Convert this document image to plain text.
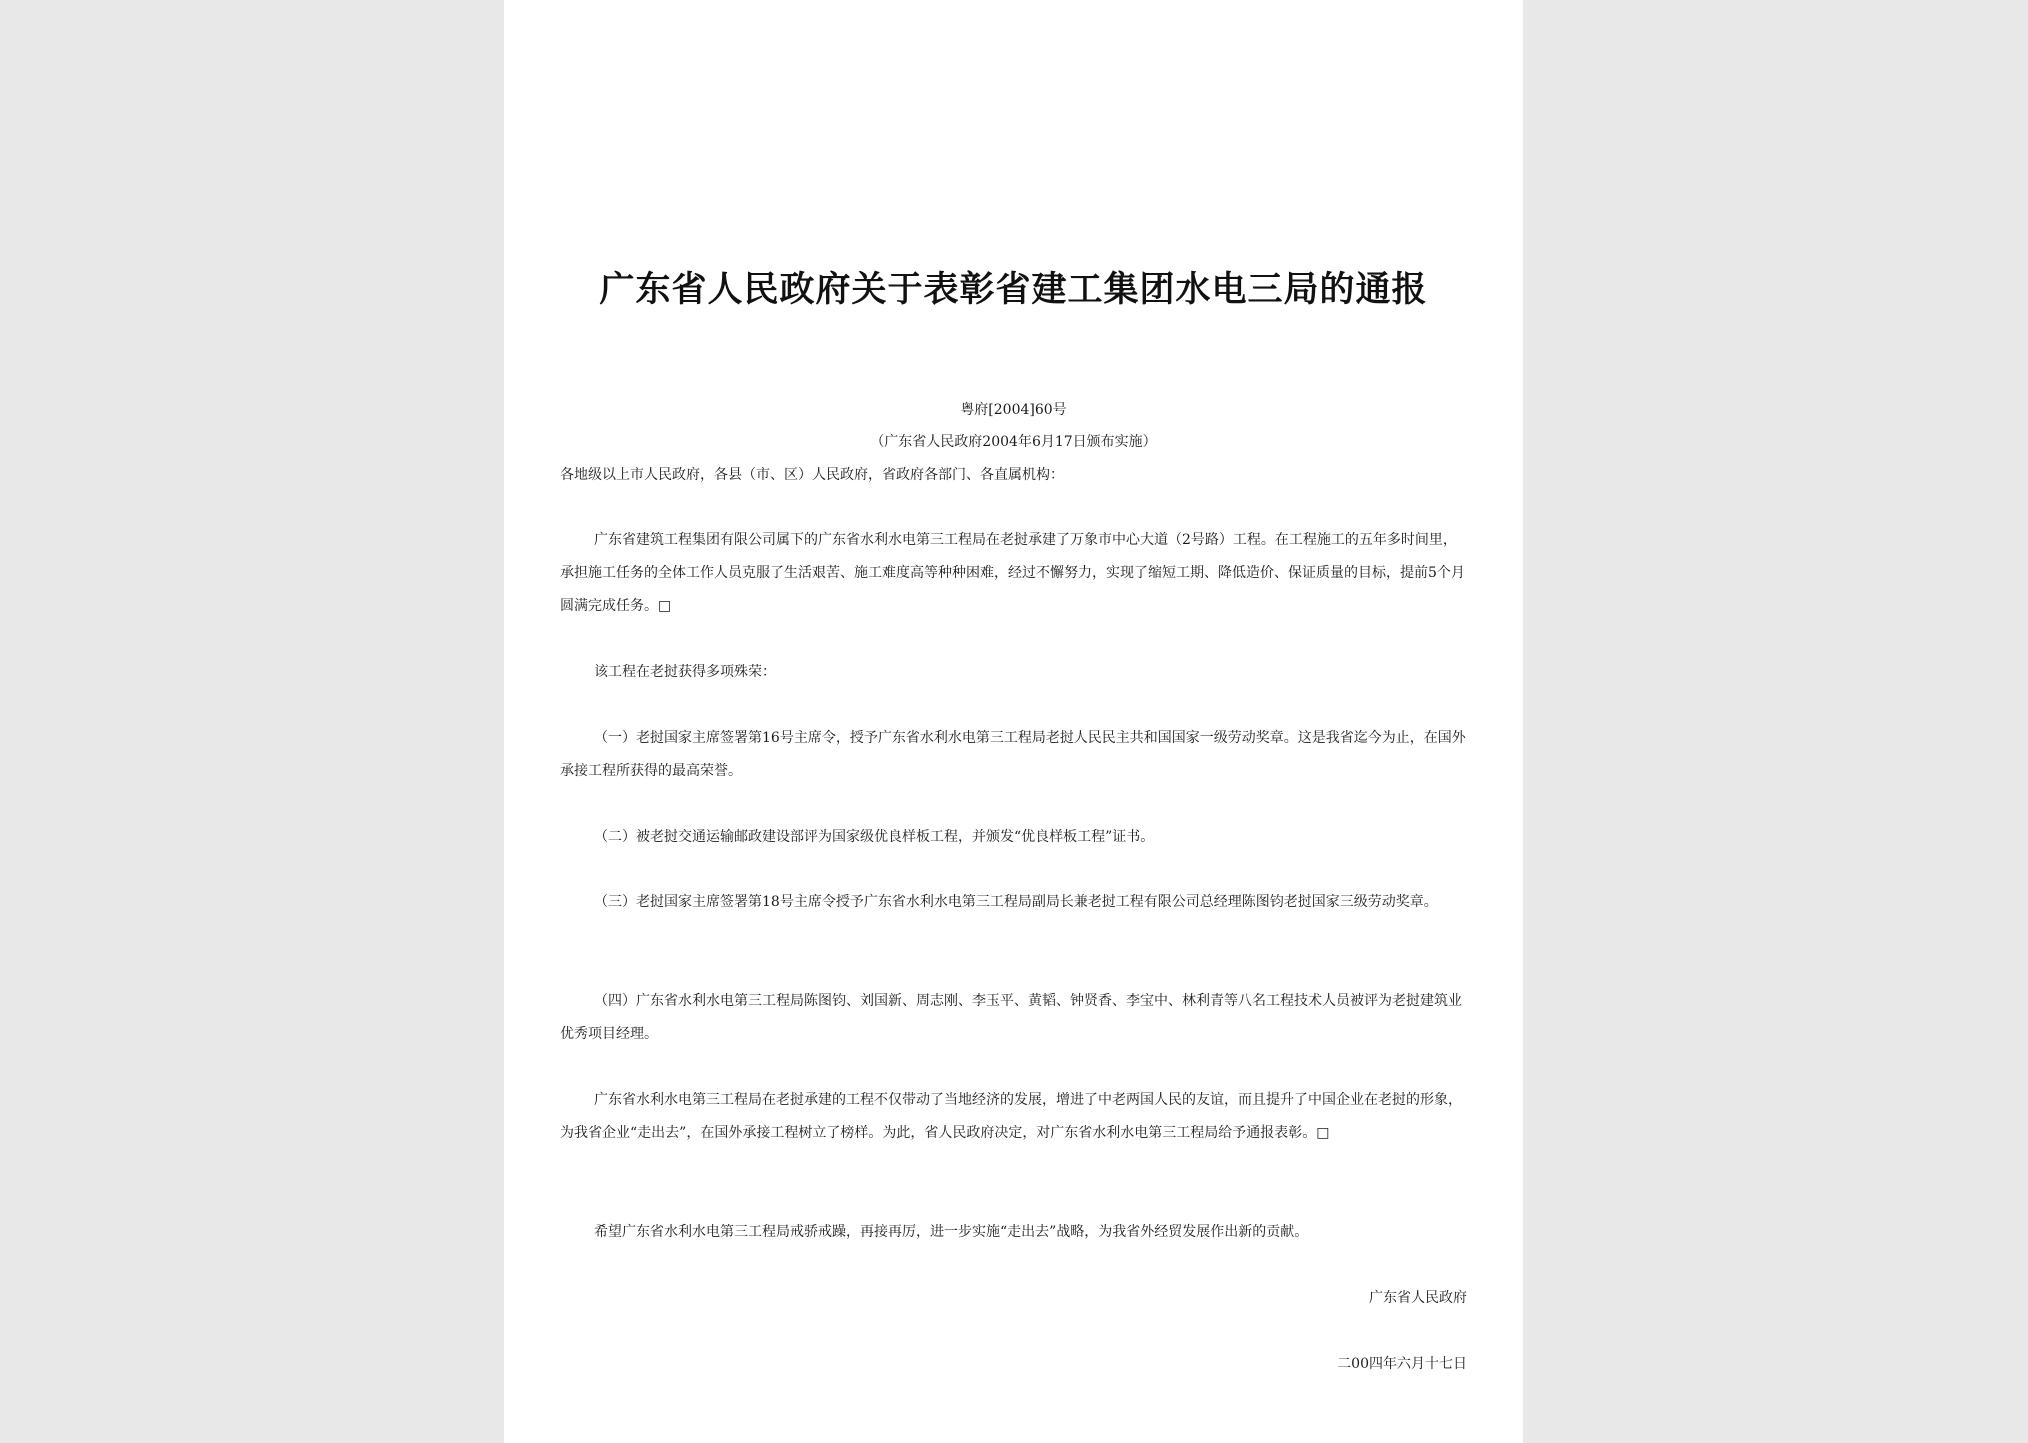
广东省人民政府关于表彰省建工集团水电三局的通报
粤府[2004]60号
（广东省人民政府2004年6月17日颁布实施）

各地级以上市人民政府，各县（市、区）人民政府，省政府各部门、各直属机构：

广东省建筑工程集团有限公司属下的广东省水利水电第三工程局在老挝承建了万象市中心大道（2号路）工程。在工程施工的五年多时间里，承担施工任务的全体工作人员克服了生活艰苦、施工难度高等种种困难，经过不懈努力，实现了缩短工期、降低造价、保证质量的目标，提前5个月圆满完成任务。□

该工程在老挝获得多项殊荣：

（一）老挝国家主席签署第16号主席令，授予广东省水利水电第三工程局老挝人民民主共和国国家一级劳动奖章。这是我省迄今为止，在国外承接工程所获得的最高荣誉。

（二）被老挝交通运输邮政建设部评为国家级优良样板工程，并颁发“优良样板工程”证书。

（三）老挝国家主席签署第18号主席令授予广东省水利水电第三工程局副局长兼老挝工程有限公司总经理陈图钧老挝国家三级劳动奖章。

（四）广东省水利水电第三工程局陈图钧、刘国新、周志刚、李玉平、黄韬、钟贤香、李宝中、林利青等八名工程技术人员被评为老挝建筑业优秀项目经理。

广东省水利水电第三工程局在老挝承建的工程不仅带动了当地经济的发展，增进了中老两国人民的友谊，而且提升了中国企业在老挝的形象，为我省企业“走出去”，在国外承接工程树立了榜样。为此，省人民政府决定，对广东省水利水电第三工程局给予通报表彰。□

希望广东省水利水电第三工程局戒骄戒躁，再接再厉，进一步实施“走出去”战略，为我省外经贸发展作出新的贡献。

广东省人民政府
二00四年六月十七日
